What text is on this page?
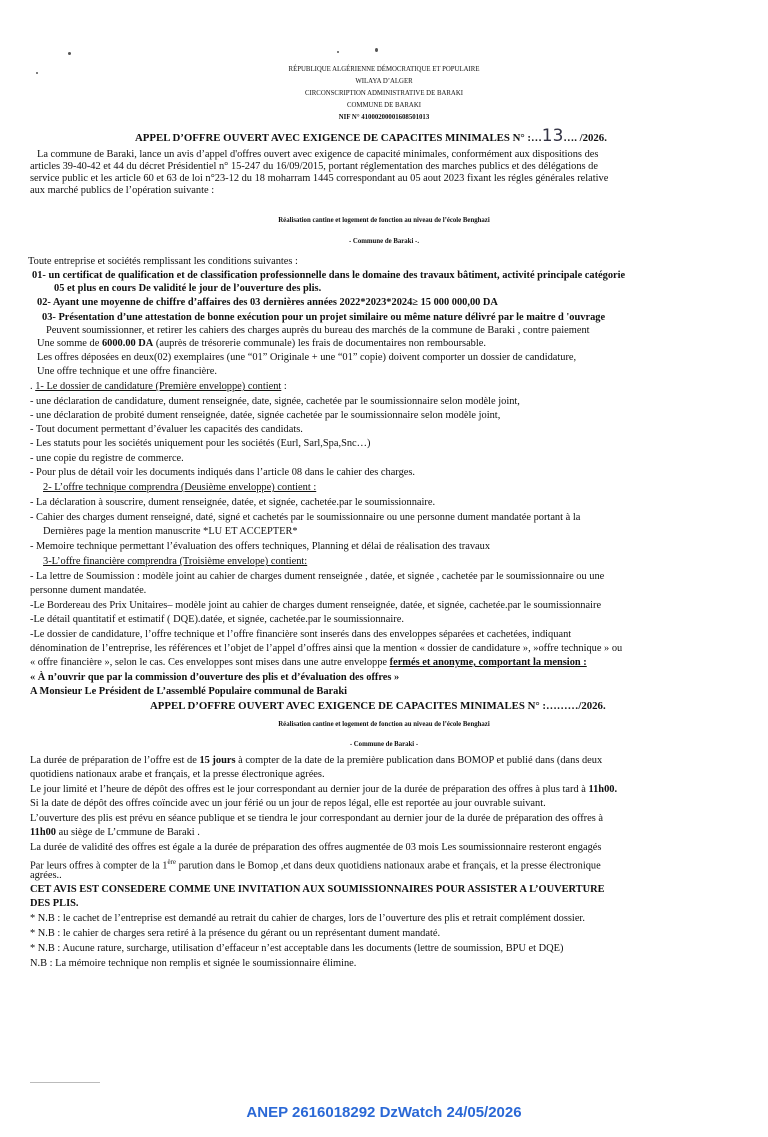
RÉPUBLIQUE ALGÉRIENNE DÉMOCRATIQUE ET POPULAIRE
WILAYA D’ALGER
CIRCONSCRIPTION ADMINISTRATIVE DE BARAKI
COMMUNE DE BARAKI
NIF N° 410002000016085010​13
APPEL D’OFFRE OUVERT AVEC EXIGENCE DE CAPACITES MINIMALES N° :…13…. /2026.
La commune de Baraki, lance un avis d’appel d'offres ouvert avec exigence de capacité minimales, conformément aux dispositions des
articles 39-40-42 et 44 du décret Présidentiel n° 15-247 du 16/09/2015, portant réglementation des marches publics et des délégations de
service public et les article 60 et 63 de loi n°23-12 du 18 moharram 1445 correspondant au 05 aout 2023 fixant les régles générales relative
aux marché publics de l’opération suivante :
Réalisation cantine et logement de fonction au niveau de l’école Benghazi
- Commune de Baraki -.
Toute entreprise et sociétés remplissant les conditions suivantes :
01- un certificat de qualification et de classification professionnelle dans le domaine des travaux bâtiment, activité principale catégorie
05 et plus en cours De validité le jour de l’ouverture des plis.
02- Ayant une moyenne de chiffre d’affaires des 03 dernières années 2022*2023*2024≥ 15 000 000,00 DA
03- Présentation d’une attestation de bonne exécution pour un projet similaire ou même nature délivré par le maitre d 'ouvrage
Peuvent soumissionner, et retirer les cahiers des charges auprès du bureau des marchés de la commune de Baraki , contre paiement
Une somme de 6000.00 DA (auprès de trésorerie communale) les frais de documentaires non remboursable.
Les offres déposées en deux(02) exemplaires (une “01” Originale + une “01” copie) doivent comporter un dossier de candidature,
Une offre technique et une offre financière.
. 1- Le dossier de candidature (Première enveloppe) contient :
- une déclaration de candidature, dument renseignée, date, signée, cachetée par le soumissionnaire selon modèle joint,
- une déclaration de probité dument renseignée, datée, signée cachetée par le soumissionnaire selon modèle joint,
- Tout document permettant d’évaluer les capacités des candidats.
- Les statuts pour les sociétés uniquement pour les sociétés (Eurl, Sarl,Spa,Snc…)
- une copie du registre de commerce.
- Pour plus de détail voir les documents indiqués dans l’article 08 dans le cahier des charges.
2- L’offre technique comprendra (Deusième enveloppe) contient :
- La déclaration à souscrire, dument renseignée, datée, et signée, cachetée.par le soumissionnaire.
- Cahier des charges dument renseigné, daté, signé et cachetés par le soumissionnaire ou une personne dument mandatée portant à la
Dernières page la mention manuscrite *LU ET ACCEPTER*
- Memoire technique permettant l’évaluation des offers techniques, Planning et délai de réalisation des travaux
3-L’offre financière comprendra (Troisième envelope) contient:
- La lettre de Soumission : modèle joint au cahier de charges dument renseignée , datée, et signée , cachetée par le soumissionnaire ou une
personne dument mandatée.
-Le Bordereau des Prix Unitaires– modèle joint au cahier de charges dument renseignée, datée, et signée, cachetée.par le soumissionnaire
-Le détail quantitatif et estimatif ( DQE).datée, et signée, cachetée.par le soumissionnaire.
-Le dossier de candidature, l’offre technique et l’offre financière sont inserés dans des enveloppes séparées et cachetées, indiquant
dénomination de l’entreprise, les références et l’objet de l’appel d’offres ainsi que la mention « dossier de candidature », »offre technique » ou
« offre financière », selon le cas. Ces enveloppes sont mises dans une autre enveloppe fermés et anonyme, comportant la mension :
« À n’ouvrir que par la commission d’ouverture des plis et d’évaluation des offres »
A Monsieur Le Président de L’assemblé Populaire communal de Baraki
APPEL D’OFFRE OUVERT AVEC EXIGENCE DE CAPACITES MINIMALES N° :………/2026.
Réalisation cantine et logement de fonction au niveau de l’école Benghazi
- Commune de Baraki -
La durée de préparation de l’offre est de 15 jours à compter de la date de la première publication dans BOMOP et publié dans (dans deux
quotidiens nationaux arabe et français, et la presse électronique agrées.
Le jour limité et l’heure de dépôt des offres est le jour correspondant au dernier jour de la durée de préparation des offres à plus tard à 11h00.
Si la date de dépôt des offres coïncide avec un jour férié ou un jour de repos légal, elle est reportée au jour ouvrable suivant.
L’ouverture des plis est prévu en séance publique et se tiendra le jour correspondant au dernier jour de la durée de préparation des offres à
11h00 au siège de L’cmmune de Baraki .
La durée de validité des offres est égale a la durée de préparation des offres augmentée de 03 mois Les soumissionnaire resteront engagés
Par leurs offres à compter de la 1ère parution dans le Bomop ,et dans deux quotidiens nationaux arabe et français, et la presse électronique
agrées..
CET AVIS EST CONSEDERE COMME UNE INVITATION AUX SOUMISSIONNAIRES POUR ASSISTER A L’OUVERTURE
DES PLIS.
* N.B : le cachet de l’entreprise est demandé au retrait du cahier de charges, lors de l’ouverture des plis et retrait complément dossier.
* N.B : le cahier de charges sera retiré à la présence du gérant ou un représentant dument mandaté.
* N.B : Aucune rature, surcharge, utilisation d’effaceur n’est acceptable dans les documents (lettre de soumission, BPU et DQE)
N.B : La mémoire technique non remplis et signée le soumissionnaire élimine.
ANEP 2616018292 DzWatch 24/05/2026
